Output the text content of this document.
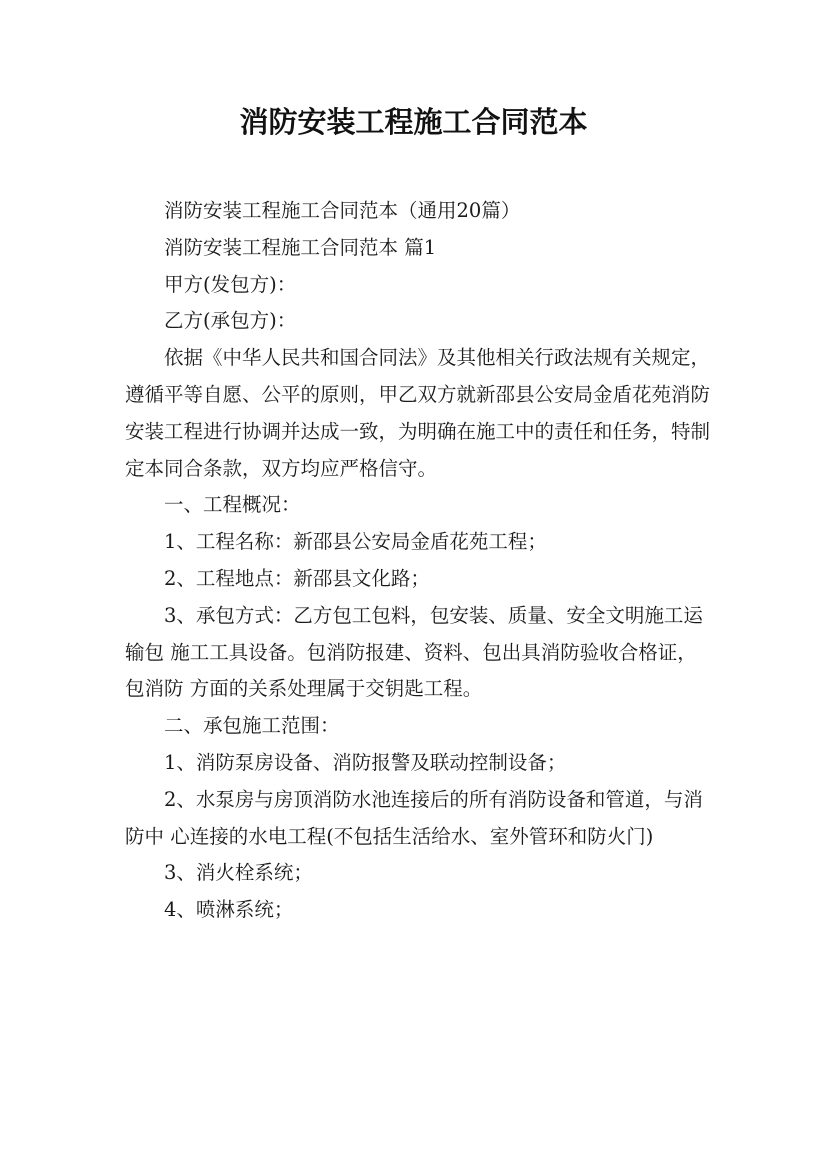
消防安装工程施工合同范本

消防安装工程施工合同范本（通用20篇）

消防安装工程施工合同范本 篇1

甲方(发包方)：

乙方(承包方)：

依据《中华人民共和国合同法》及其他相关行政法规有关规定，遵循平等自愿、公平的原则，甲乙双方就新邵县公安局金盾花苑消防安装工程进行协调并达成一致，为明确在施工中的责任和任务，特制定本同合条款，双方均应严格信守。

一、工程概况：

1、工程名称：新邵县公安局金盾花苑工程；

2、工程地点：新邵县文化路；

3、承包方式：乙方包工包料，包安装、质量、安全文明施工运输包 施工工具设备。包消防报建、资料、包出具消防验收合格证，包消防 方面的关系处理属于交钥匙工程。

二、承包施工范围：

1、消防泵房设备、消防报警及联动控制设备；

2、水泵房与房顶消防水池连接后的所有消防设备和管道，与消防中 心连接的水电工程(不包括生活给水、室外管环和防火门)

3、消火栓系统；

4、喷淋系统；
